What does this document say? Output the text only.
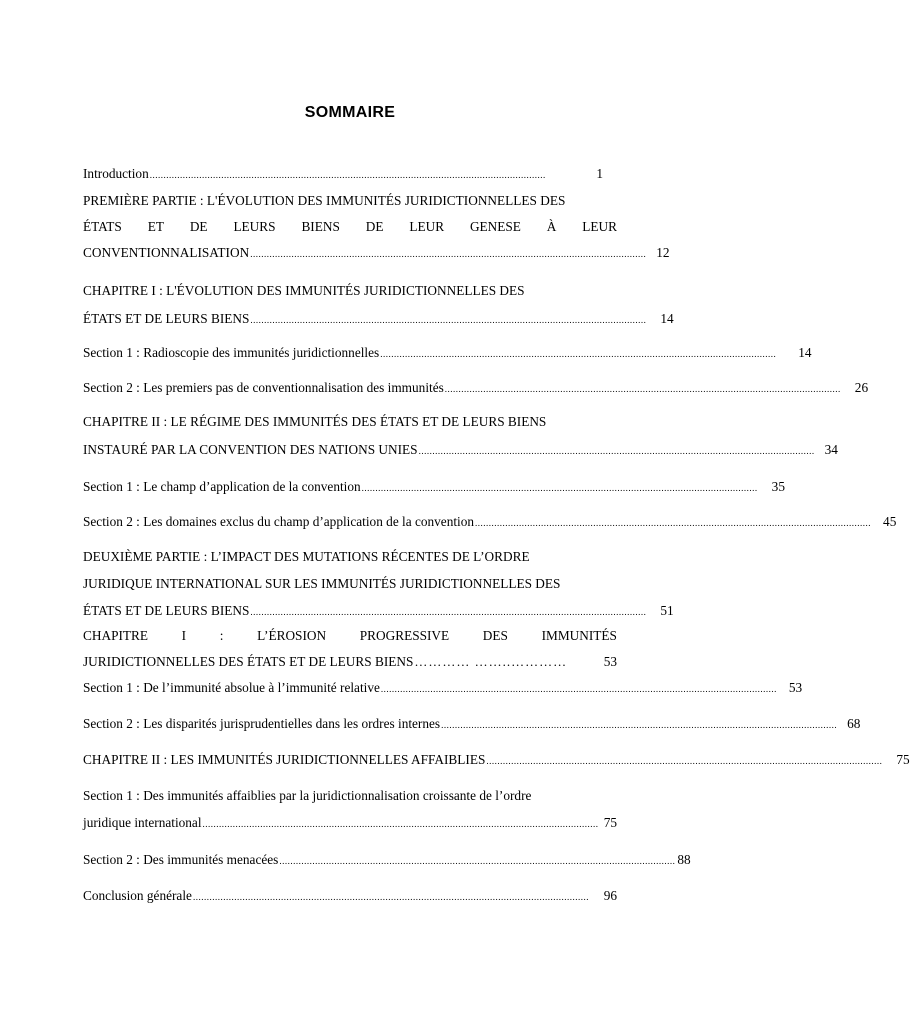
SOMMAIRE
Introduction ................................................................................................................................................	1
PREMIÈRE PARTIE : L'ÉVOLUTION DES IMMUNITÉS JURIDICTIONNELLES DES
ÉTATS ET DE LEURS BIENS DE LEUR GENESE À LEUR
CONVENTIONNALISATION ................................................................................................................................................ 12
CHAPITRE I : L'ÉVOLUTION DES IMMUNITÉS JURIDICTIONNELLES DES
ÉTATS ET DE LEURS BIENS ................................................................................................................................................	14
Section 1 : Radioscopie des immunités juridictionnelles ................................................................................................................................................	14
Section 2 : Les premiers pas de conventionnalisation des immunités ................................................................................................................................................	26
CHAPITRE II : LE RÉGIME DES IMMUNITÉS DES ÉTATS ET DE LEURS BIENS
INSTAURÉ PAR LA CONVENTION DES NATIONS UNIES ................................................................................................................................................ 34
Section 1 : Le champ d’application de la convention ................................................................................................................................................	35
Section 2 : Les domaines exclus du champ d’application de la convention ................................................................................................................................................ 45
DEUXIÈME PARTIE : L’IMPACT DES MUTATIONS RÉCENTES DE L’ORDRE
JURIDIQUE INTERNATIONAL SUR LES IMMUNITÉS JURIDICTIONNELLES DES
ÉTATS ET DE LEURS BIENS ................................................................................................................................................	51
CHAPITRE	I	:	L’ÉROSION	PROGRESSIVE	DES	IMMUNITÉS
JURIDICTIONNELLES DES ÉTATS ET DE LEURS BIENS ………… ……..…………	53
Section 1 : De l’immunité absolue à l’immunité relative ................................................................................................................................................ 53
Section 2 : Les disparités jurisprudentielles dans les ordres internes ................................................................................................................................................ 68
CHAPITRE II : LES IMMUNITÉS JURIDICTIONNELLES AFFAIBLIES ................................................................................................................................................	75
Section 1 : Des immunités affaiblies par la juridictionnalisation croissante de l’ordre
juridique international ................................................................................................................................................ 75
Section 2 : Des immunités menacées ................................................................................................................................................ 88
Conclusion générale ................................................................................................................................................	96
